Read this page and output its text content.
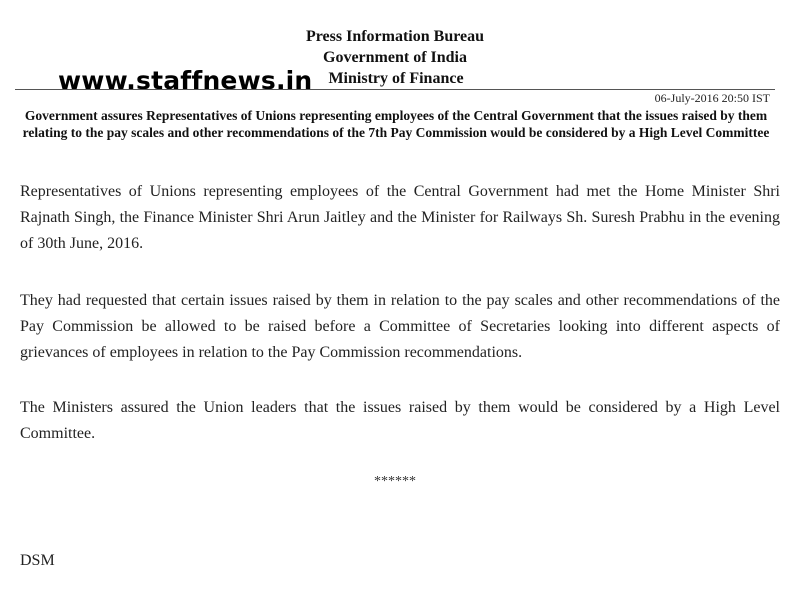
Press Information Bureau
Government of India
Ministry of Finance
www.staffnews.in
06-July-2016 20:50 IST
Government assures Representatives of Unions representing employees of the Central Government that the issues raised by them relating to the pay scales and other recommendations of the 7th Pay Commission would be considered by a High Level Committee
Representatives of Unions representing employees of the Central Government had met the Home Minister Shri Rajnath Singh, the Finance Minister Shri Arun Jaitley and the Minister for Railways Sh. Suresh Prabhu in the evening of 30th June, 2016.
They had requested that certain issues raised by them in relation to the pay scales and other recommendations of the Pay Commission be allowed to be raised before a Committee of Secretaries looking into different aspects of grievances of employees in relation to the Pay Commission recommendations.
The Ministers assured the Union leaders that the issues raised by them would be considered by a High Level Committee.
******
DSM
